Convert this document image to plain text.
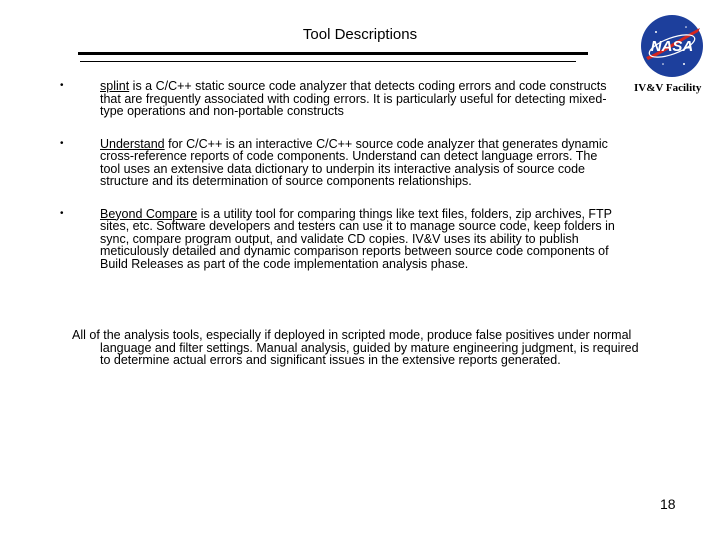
Tool Descriptions
NASA
IV&V Facility
•	splint is a C/C++ static source code analyzer that detects coding errors and code constructs that are frequently associated with coding errors. It is particularly useful for detecting mixed-type operations and non-portable constructs
•	Understand for C/C++ is an interactive C/C++ source code analyzer that generates dynamic cross-reference reports of code components. Understand can detect language errors. The tool uses an extensive data dictionary to underpin its interactive analysis of source code structure and its determination of source components relationships.
•	Beyond Compare is a utility tool for comparing things like text files, folders, zip archives, FTP sites, etc. Software developers and testers can use it to manage source code, keep folders in sync, compare program output, and validate CD copies. IV&V uses its ability to publish meticulously detailed and dynamic comparison reports between source code components of Build Releases as part of the code implementation analysis phase.

All of the analysis tools, especially if deployed in scripted mode, produce false positives under normal language and filter settings. Manual analysis, guided by mature engineering judgment, is required to determine actual errors and significant issues in the extensive reports generated.

18
